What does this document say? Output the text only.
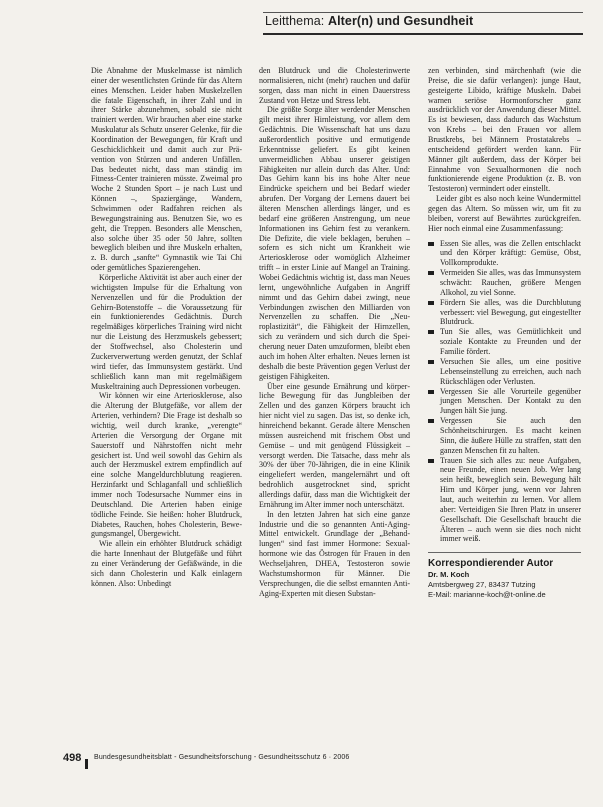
Leitthema: Alter(n) und Gesundheit

Die Abnahme der Muskelmasse ist nämlich einer der wesentlichsten Gründe für das Altern eines Menschen. Leider haben Muskelzellen die fatale Eigenschaft, in ihrer Zahl und in ihrer Stärke abzunehmen, sobald sie nicht trainiert werden. Wir brauchen aber eine starke Muskulatur als Schutz unserer Gelenke, für die Koordination der Bewegungen, für Kraft und Geschicklichkeit und damit auch zur Prävention von Stürzen und anderen Unfällen. Das bedeutet nicht, dass man ständig im Fitness-Center trainieren müsste. Zweimal pro Woche 2 Stunden Sport – je nach Lust und Können –, Spaziergänge, Wandern, Schwimmen oder Radfahren reichen als Bewegungstraining aus. Benutzen Sie, wo es geht, die Treppen. Besonders alle Menschen, also solche über 35 oder 50 Jahre, sollten beweglich bleiben und ihre Muskeln erhalten, z. B. durch „sanfte“ Gymnastik wie Tai Chi oder gemütliches Spazierengehen.

Körperliche Aktivität ist aber auch einer der wichtigsten Impulse für die Erhaltung von Nervenzellen und für die Produktion der Gehirn-Botenstoffe – die Voraussetzung für ein funktionierendes Gedächtnis. Durch regelmäßiges körperliches Training wird nicht nur die Leistung des Herzmuskels gebessert; der Stoffwechsel, also Cholesterin und Zuckerverwertung werden genutzt, der Schlaf wird tiefer, das Immunsystem gestärkt. Und schließlich kann man mit regelmäßigem Muskeltraining auch Depressionen vorbeugen.

Wir können wir eine Arteriosklerose, also die Alterung der Blutgefäße, vor allem der Arterien, verhindern? Die Frage ist deshalb so wichtig, weil durch kranke, „verengte“ Arterien die Versorgung der Organe mit Sauerstoff und Nährstoffen nicht mehr gesichert ist. Und weil sowohl das Gehirn als auch der Herzmuskel extrem empfindlich auf eine solche Mangeldurchblutung reagieren. Herzinfarkt und Schlaganfall und schließlich immer noch Todesursache Nummer eins in Deutschland. Die Arterien haben einige tödliche Feinde. Sie heißen: hoher Blutdruck, Diabetes, Rauchen, hohes Cholesterin, Bewegungsmangel, Übergewicht.

Wie allein ein erhöhter Blutdruck schädigt die harte Innenhaut der Blutgefäße und führt zu einer Veränderung der Gefäßwände, in die sich dann Cholesterin und Kalk einlagern können. Also: Unbedingt

den Blutdruck und die Cholesterinwerte normalisieren, nicht (mehr) rauchen und dafür sorgen, dass man nicht in einen Dauerstress Zustand von Hetze und Stress lebt.

Die größte Sorge älter werdender Menschen gilt meist ihrer Hirnleistung, vor allem dem Gedächtnis. Die Wissenschaft hat uns dazu außerordentlich positive und ermutigende Erkenntnisse geliefert. Es gibt keinen unvermeidlichen Abbau unserer geistigen Fähigkeiten nur allein durch das Alter. Und: Das Gehirn kann bis ins hohe Alter neue Eindrücke speichern und bei Bedarf wieder abrufen. Der Vorgang der Lernens dauert bei älteren Menschen allerdings länger, und es bedarf eine größeren Anstrengung, um neue Informationen ins Gehirn fest zu verankern. Die Defizite, die viele beklagen, beruhen – sofern es sich nicht um Krankheit wie Arteriosklerose oder womöglich Alzheimer trifft – in erster Linie auf Mangel an Training. Wobei Gedächtnis wichtig ist, dass man Neues lernt, ungewöhnliche Aufgaben in Angriff nimmt und das Gehirn dabei zwingt, neue Verbindungen zwischen den Milliarden von Nervenzellen zu schaffen. Die „Neuroplastizität“, die Fähigkeit der Hirnzellen, sich zu verändern und sich durch die Speicherung neuer Daten umzuformen, bleibt eben auch im hohen Alter erhalten. Neues lernen ist deshalb die beste Prävention gegen Verlust der geistigen Fähigkeiten.

Über eine gesunde Ernährung und körperliche Bewegung für das Jungbleiben der Zellen und des ganzen Körpers braucht ich hier nicht viel zu sagen. Das ist, so denke ich, hinreichend bekannt. Gerade ältere Menschen müssen ausreichend mit frischem Obst und Gemüse – und mit genügend Flüssigkeit – versorgt werden. Die Tatsache, dass mehr als 30% der über 70-Jährigen, die in eine Klinik eingeliefert werden, mangelernährt und oft bedrohlich ausgetrocknet sind, spricht allerdings dafür, dass man die Wichtigkeit der Ernährung im Alter immer noch unterschätzt.

In den letzten Jahren hat sich eine ganze Industrie und die so genannten Anti-Aging-Mittel entwickelt. Grundlage der „Behandlungen“ sind fast immer Hormone: Sexualhormone wie das Östrogen für Frauen in den Wechseljahren, DHEA, Testosteron sowie Wachstumshormon für Männer. Die Versprechungen, die die selbst ernannten Anti-Aging-Experten mit diesen Substan-

zen verbinden, sind märchenhaft (wie die Preise, die sie dafür verlangen): junge Haut, gesteigerte Libido, kräftige Muskeln. Dabei warnen seriöse Hormonforscher ganz ausdrücklich vor der Anwendung dieser Mittel. Es ist bewiesen, dass dadurch das Wachstum von Krebs – bei den Frauen vor allem Brustkrebs, bei Männern Prostatakrebs – entscheidend gefördert werden kann. Für Männer gilt außerdem, dass der Körper bei Einnahme von Sexualhormonen die noch funktionierende eigene Produktion (z. B. von Testosteron) vermindert oder einstellt.

Leider gibt es also noch keine Wundermittel gegen das Altern. So müssen wir, um fit zu bleiben, vorerst auf Bewährtes zurückgreifen. Hier noch einmal eine Zusammenfassung:

Essen Sie alles, was die Zellen entschlackt und den Körper kräftigt: Gemüse, Obst, Vollkornprodukte.
Vermeiden Sie alles, was das Immunsystem schwächt: Rauchen, größere Mengen Alkohol, zu viel Sonne.
Fördern Sie alles, was die Durchblutung verbessert: viel Bewegung, gut eingestellter Blutdruck.
Tun Sie alles, was Gemütlichkeit und soziale Kontakte zu Freunden und der Familie fördert.
Versuchen Sie alles, um eine positive Lebenseinstellung zu erreichen, auch nach Rückschlägen oder Verlusten.
Vergessen Sie alle Vorurteile gegenüber jungen Menschen. Der Kontakt zu den Jungen hält Sie jung.
Vergessen Sie auch den Schönheitschirurgen. Es macht keinen Sinn, die äußere Hülle zu straffen, statt den ganzen Menschen fit zu halten.
Trauen Sie sich alles zu: neue Aufgaben, neue Freunde, einen neuen Job. Wer lang sein heißt, beweglich sein. Bewegung hält Hirn und Körper jung, wenn vor Jahren laut, auch weiterhin zu lernen. Vor allem aber: Verteidigen Sie Ihren Platz in unserer Gesellschaft. Die Gesellschaft braucht die Älteren – auch wenn sie dies noch nicht immer weiß.
Korrespondierender Autor
Dr. M. Koch
Amtsbergweg 27, 83437 Tutzing
E-Mail: marianne-koch@t-online.de
498 Bundesgesundheitsblatt - Gesundheitsforschung - Gesundheitsschutz 6 · 2006
